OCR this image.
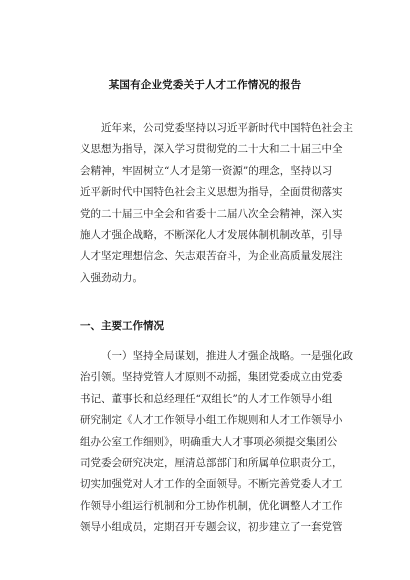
某国有企业党委关于人才工作情况的报告
近年来，公司党委坚持以习近平新时代中国特色社会主
义思想为指导，深入学习贯彻党的二十大和二十届三中全
会精神，牢固树立“人才是第一资源”的理念，坚持以习
近平新时代中国特色社会主义思想为指导，全面贯彻落实
党的二十届三中全会和省委十二届八次全会精神，深入实
施人才强企战略，不断深化人才发展体制机制改革，引导
人才坚定理想信念、矢志艰苦奋斗，为企业高质量发展注
入强劲动力。
一、主要工作情况
（一）坚持全局谋划，推进人才强企战略。一是强化政
治引领。坚持党管人才原则不动摇，集团党委成立由党委
书记、董事长和总经理任“双组长”的人才工作领导小组
研究制定《人才工作领导小组工作规则和人才工作领导小
组办公室工作细则》，明确重大人才事项必须提交集团公
司党委会研究决定，厘清总部部门和所属单位职责分工，
切实加强党对人才工作的全面领导。不断完善党委人才工
作领导小组运行机制和分工协作机制，优化调整人才工作
领导小组成员，定期召开专题会议，初步建立了一套党管
